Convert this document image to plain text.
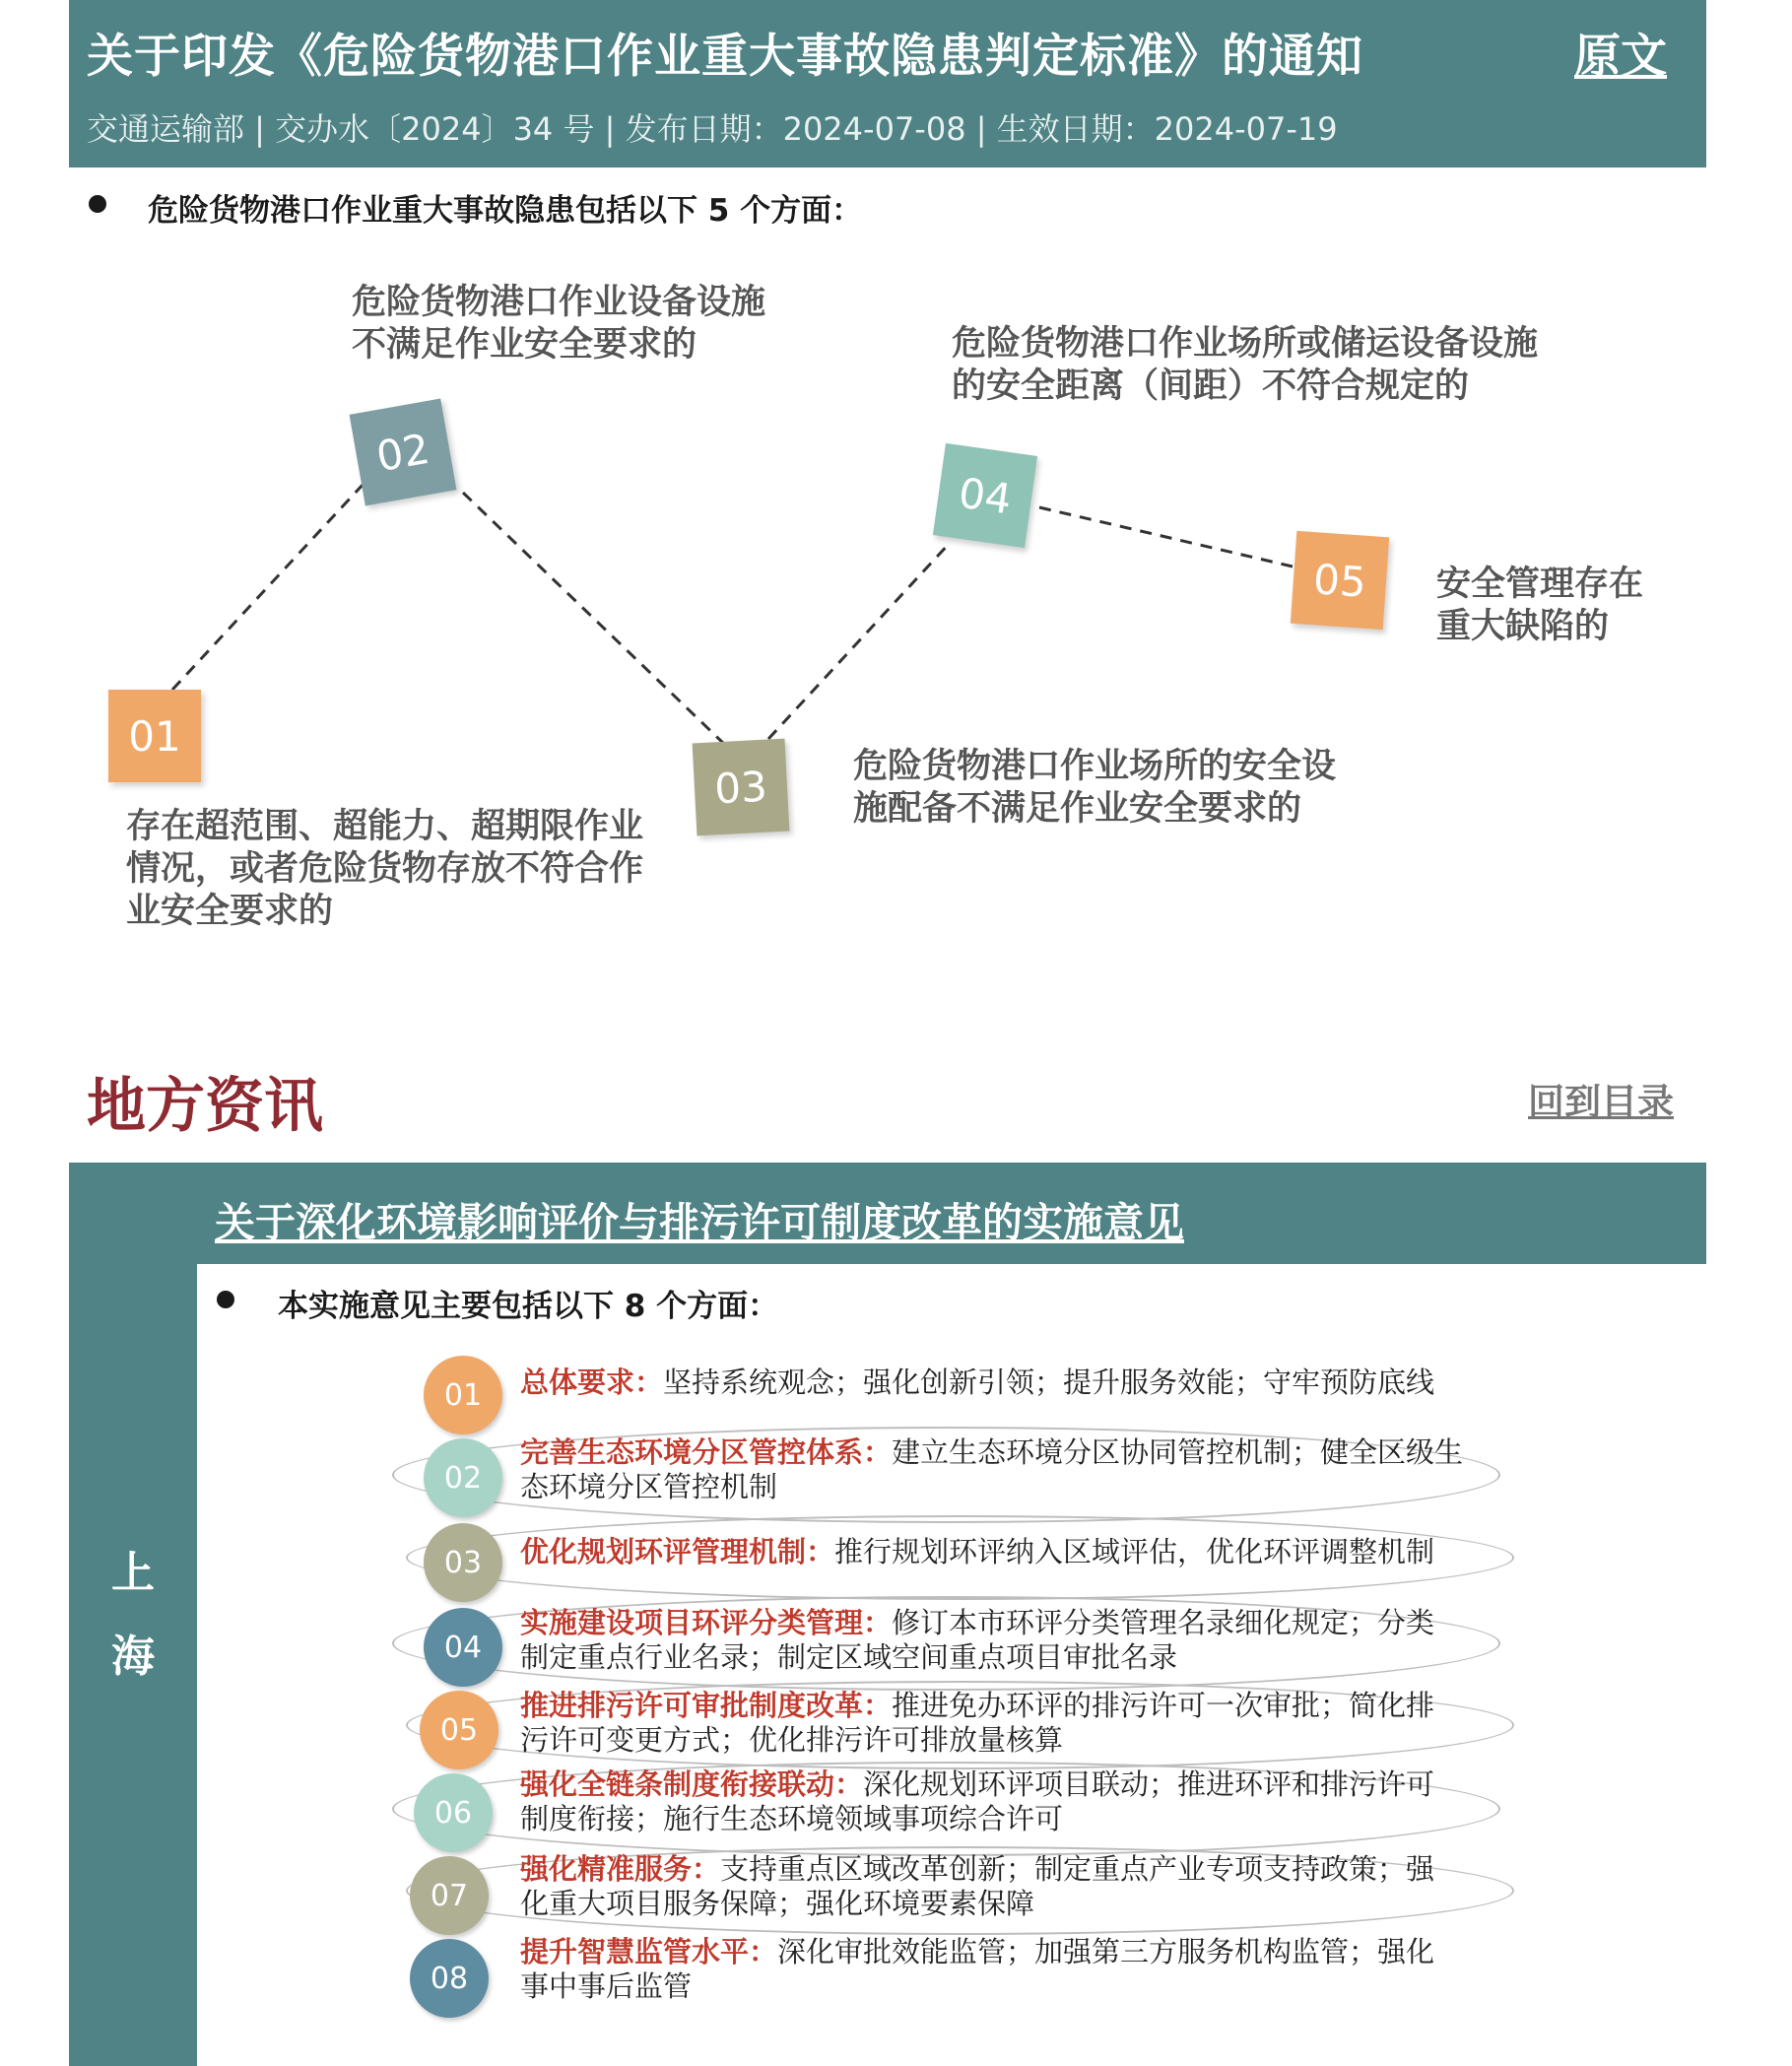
关于印发《危险货物港口作业重大事故隐患判定标准》的通知	原文
交通运输部 | 交办水〔2024〕34 号 | 发布日期：2024-07-08 | 生效日期：2024-07-19
危险货物港口作业重大事故隐患包括以下 5 个方面：
01
02
03
04
05
存在超范围、超能力、超期限作业
情况，或者危险货物存放不符合作
业安全要求的
危险货物港口作业设备设施
不满足作业安全要求的
危险货物港口作业场所的安全设
施配备不满足作业安全要求的
危险货物港口作业场所或储运设备设施
的安全距离（间距）不符合规定的
安全管理存在
重大缺陷的
地方资讯	回到目录
关于深化环境影响评价与排污许可制度改革的实施意见
上
海
本实施意见主要包括以下 8 个方面：
01 总体要求：坚持系统观念；强化创新引领；提升服务效能；守牢预防底线
02
完善生态环境分区管控体系：建立生态环境分区协同管控机制；健全区级生
态环境分区管控机制
03 优化规划环评管理机制：推行规划环评纳入区域评估，优化环评调整机制
04
实施建设项目环评分类管理：修订本市环评分类管理名录细化规定；分类
制定重点行业名录；制定区域空间重点项目审批名录
05
推进排污许可审批制度改革：推进免办环评的排污许可一次审批；简化排
污许可变更方式；优化排污许可排放量核算
06
强化全链条制度衔接联动：深化规划环评项目联动；推进环评和排污许可
制度衔接；施行生态环境领域事项综合许可
07
强化精准服务：支持重点区域改革创新；制定重点产业专项支持政策；强
化重大项目服务保障；强化环境要素保障
08
提升智慧监管水平：深化审批效能监管；加强第三方服务机构监管；强化
事中事后监管
